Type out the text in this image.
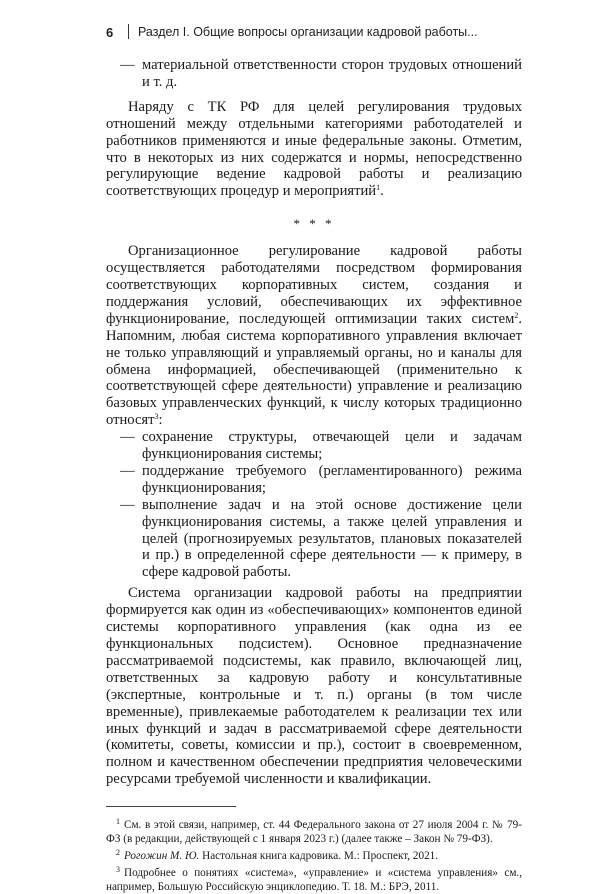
6 Раздел I. Общие вопросы организации кадровой работы...

— материальной ответственности сторон трудовых отношений и т. д.

Наряду с ТК РФ для целей регулирования трудовых отношений между отдельными категориями работодателей и работников применяются и иные федеральные законы. Отметим, что в некоторых из них содержатся и нормы, непосредственно регулирующие ведение кадровой работы и реализацию соответствующих процедур и мероприятий$^1$.

* * *

Организационное регулирование кадровой работы осуществляется работодателями посредством формирования соответствующих корпоративных систем, создания и поддержания условий, обеспечивающих их эффективное функционирование, последующей оптимизации таких систем$^2$. Напомним, любая система корпоративного управления включает не только управляющий и управляемый органы, но и каналы для обмена информацией, обеспечивающей (применительно к соответствующей сфере деятельности) управление и реализацию базовых управленческих функций, к числу которых традиционно относят$^3$:

— сохранение структуры, отвечающей цели и задачам функционирования системы;

— поддержание требуемого (регламентированного) режима функционирования;

— выполнение задач и на этой основе достижение цели функционирования системы, а также целей управления и целей (прогнозируемых результатов, плановых показателей и пр.) в определенной сфере деятельности — к примеру, в сфере кадровой работы.

Система организации кадровой работы на предприятии формируется как один из «обеспечивающих» компонентов единой системы корпоративного управления (как одна из ее функциональных подсистем). Основное предназначение рассматриваемой подсистемы, как правило, включающей лиц, ответственных за кадровую работу и консультативные (экспертные, контрольные и т. п.) органы (в том числе временные), привлекаемые работодателем к реализации тех или иных функций и задач в рассматриваемой сфере деятельности (комитеты, советы, комиссии и пр.), состоит в своевременном, полном и качественном обеспечении предприятия человеческими ресурсами требуемой численности и квалификации.

$^1$ См. в этой связи, например, ст. 44 Федерального закона от 27 июля 2004 г. № 79-ФЗ (в редакции, действующей с 1 января 2023 г.) (далее также – Закон № 79-ФЗ).

$^2$ Рогожин М. Ю. Настольная книга кадровика. М.: Проспект, 2021.

$^3$ Подробнее о понятиях «система», «управление» и «система управления» см., например, Большую Российскую энциклопедию. Т. 18. М.: БРЭ, 2011.
